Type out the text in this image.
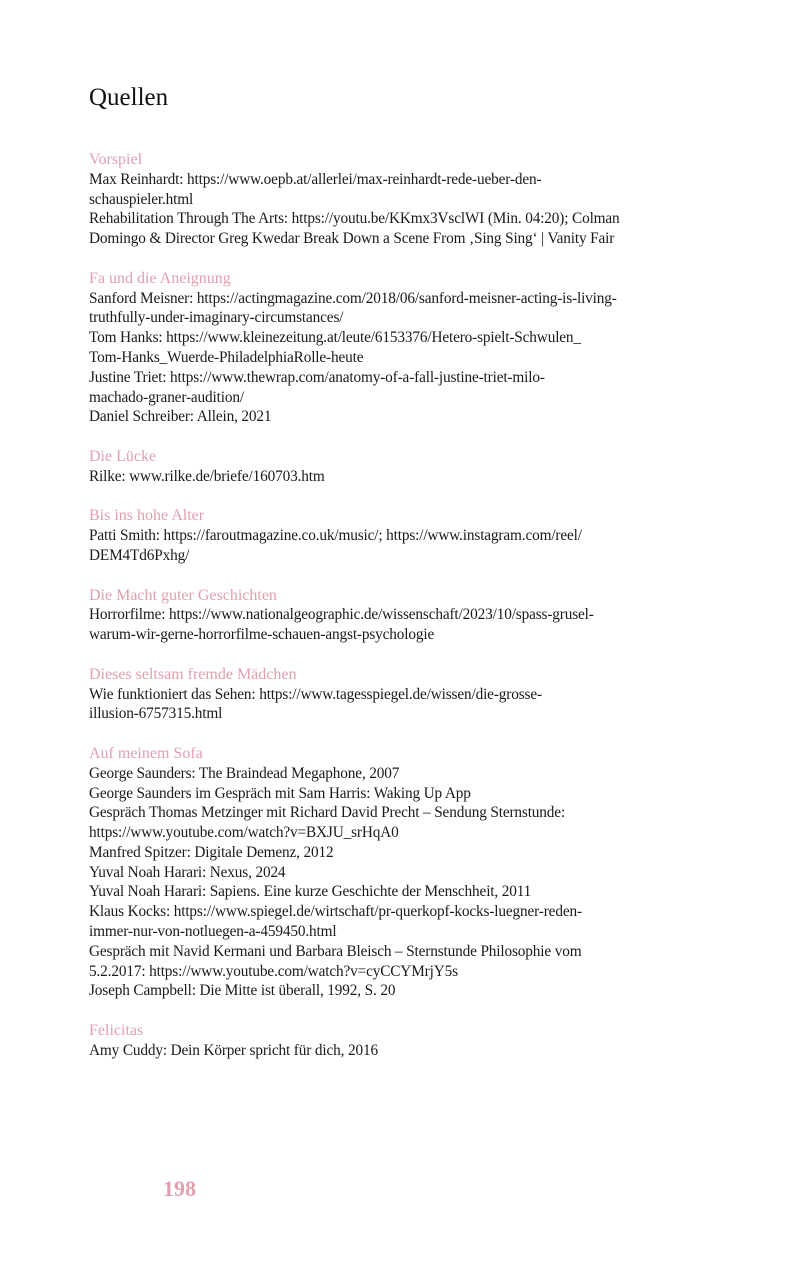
Quellen
Vorspiel
Max Reinhardt: https://www.oepb.at/allerlei/max-reinhardt-rede-ueber-den-
schauspieler.html
Rehabilitation Through The Arts: https://youtu.be/KKmx3VsclWI (Min. 04:20); Colman
Domingo & Director Greg Kwedar Break Down a Scene From ‚Sing Sing‘ | Vanity Fair
Fa und die Aneignung
Sanford Meisner: https://actingmagazine.com/2018/06/sanford-meisner-acting-is-living-
truthfully-under-imaginary-circumstances/
Tom Hanks: https://www.kleinezeitung.at/leute/6153376/Hetero-spielt-Schwulen_
Tom-Hanks_Wuerde-PhiladelphiaRolle-heute
Justine Triet: https://www.thewrap.com/anatomy-of-a-fall-justine-triet-milo-
machado-graner-audition/
Daniel Schreiber: Allein, 2021
Die Lücke
Rilke: www.rilke.de/briefe/160703.htm
Bis ins hohe Alter
Patti Smith: https://faroutmagazine.co.uk/music/; https://www.instagram.com/reel/
DEM4Td6Pxhg/
Die Macht guter Geschichten
Horrorfilme: https://www.nationalgeographic.de/wissenschaft/2023/10/spass-grusel-
warum-wir-gerne-horrorfilme-schauen-angst-psychologie
Dieses seltsam fremde Mädchen
Wie funktioniert das Sehen: https://www.tagesspiegel.de/wissen/die-grosse-
illusion-6757315.html
Auf meinem Sofa
George Saunders: The Braindead Megaphone, 2007
George Saunders im Gespräch mit Sam Harris: Waking Up App
Gespräch Thomas Metzinger mit Richard David Precht – Sendung Sternstunde:
https://www.youtube.com/watch?v=BXJU_srHqA0
Manfred Spitzer: Digitale Demenz, 2012
Yuval Noah Harari: Nexus, 2024
Yuval Noah Harari: Sapiens. Eine kurze Geschichte der Menschheit, 2011
Klaus Kocks: https://www.spiegel.de/wirtschaft/pr-querkopf-kocks-luegner-reden-
immer-nur-von-notluegen-a-459450.html
Gespräch mit Navid Kermani und Barbara Bleisch – Sternstunde Philosophie vom
5.2.2017: https://www.youtube.com/watch?v=cyCCYMrjY5s
Joseph Campbell: Die Mitte ist überall, 1992, S. 20
Felicitas
Amy Cuddy: Dein Körper spricht für dich, 2016
198
